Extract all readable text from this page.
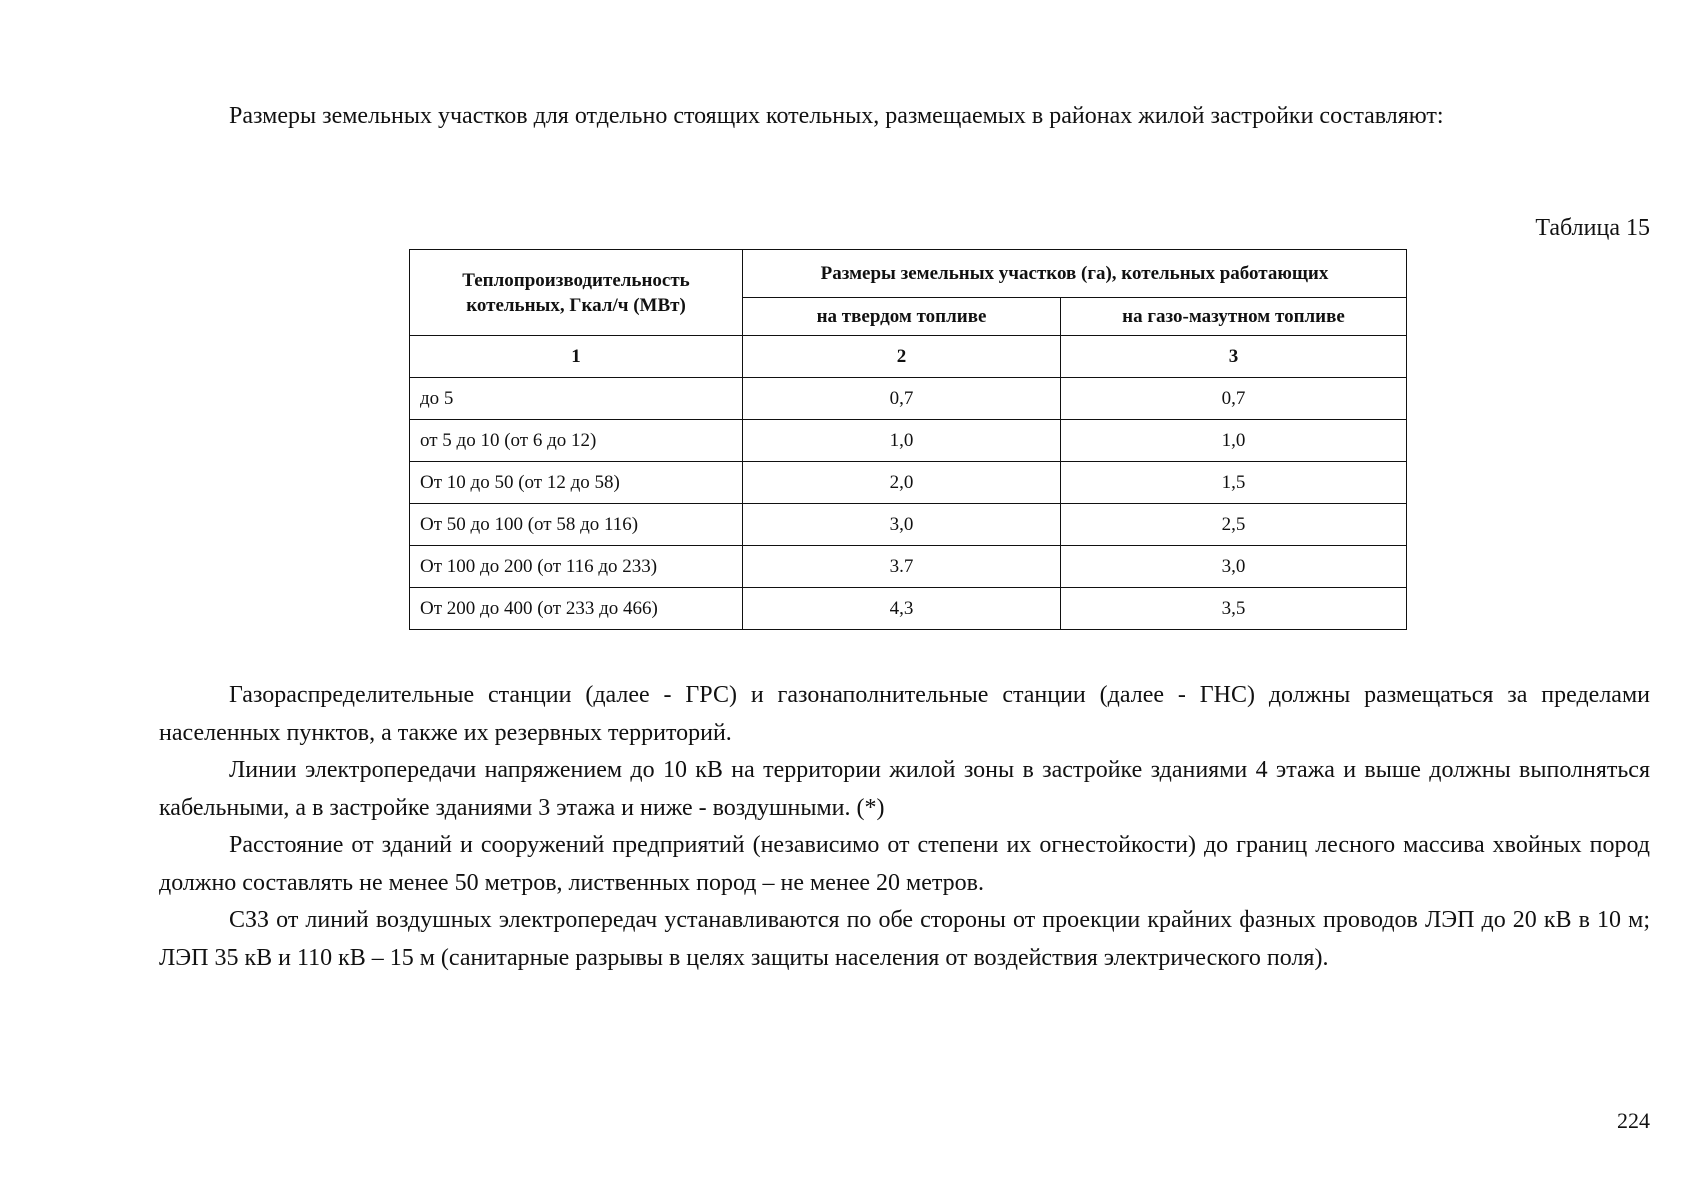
Размеры земельных участков для отдельно стоящих котельных, размещаемых в районах жилой застройки составляют:

Таблица 15

Теплопроизводительность котельных, Гкал/ч (МВт)	Размеры земельных участков (га), котельных работающих	
	на твердом топливе	на газо-мазутном топливе
1	2	3
до 5	0,7	0,7
от 5 до 10 (от 6 до 12)	1,0	1,0
От 10 до 50 (от 12 до 58)	2,0	1,5
От 50 до 100 (от 58 до 116)	3,0	2,5
От 100 до 200 (от 116 до 233)	3.7	3,0
От 200 до 400 (от 233 до 466)	4,3	3,5

Газораспределительные станции (далее - ГРС) и газонаполнительные станции (далее - ГНС) должны размещаться за пределами населенных пунктов, а также их резервных территорий.

Линии электропередачи напряжением до 10 кВ на территории жилой зоны в застройке зданиями 4 этажа и выше должны выполняться кабельными, а в застройке зданиями 3 этажа и ниже - воздушными. (*)

Расстояние от зданий и сооружений предприятий (независимо от степени их огнестойкости) до границ лесного массива хвойных пород должно составлять не менее 50 метров, лиственных пород – не менее 20 метров.

СЗЗ от линий воздушных электропередач устанавливаются по обе стороны от проекции крайних фазных проводов ЛЭП до 20 кВ в 10 м; ЛЭП 35 кВ и 110 кВ – 15 м (санитарные разрывы в целях защиты населения от воздействия электрического поля).

224
